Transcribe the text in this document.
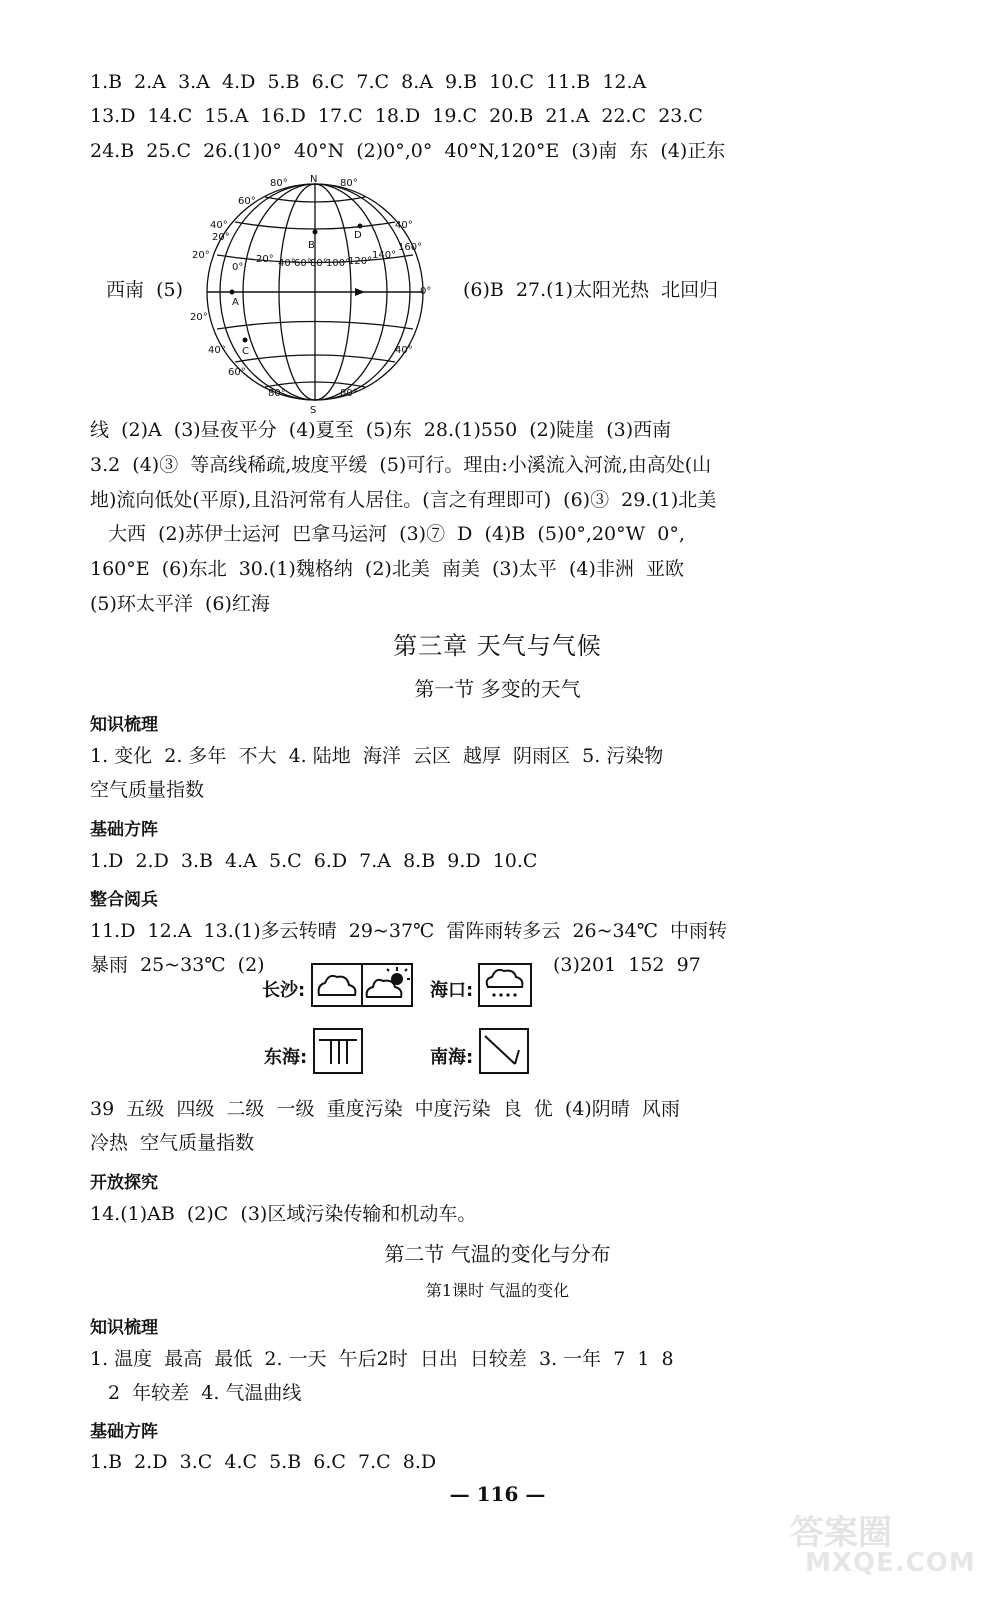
1.B  2.A  3.A  4.D  5.B  6.C  7.C  8.A  9.B  10.C  11.B  12.A
13.D  14.C  15.A  16.D  17.C  18.D  19.C  20.B  21.A  22.C  23.C
24.B  25.C  26.(1)0°  40°N  (2)0°,0°  40°N,120°E  (3)南  东  (4)正东
N
S
80°	80°
60°
40°	40°
20°
20°
0°
20°
40°	40°
60°
80°	80°
0°
20° 40°
60°
80°
100°
120°
140°
160°
B
D
A
C
西南  (5)	(6)B  27.(1)太阳光热  北回归
线  (2)A  (3)昼夜平分  (4)夏至  (5)东  28.(1)550  (2)陡崖  (3)西南
3.2  (4)③  等高线稀疏,坡度平缓  (5)可行。理由:小溪流入河流,由高处(山
地)流向低处(平原),且沿河常有人居住。(言之有理即可)  (6)③  29.(1)北美
大西  (2)苏伊士运河  巴拿马运河  (3)⑦  D  (4)B  (5)0°,20°W  0°,
160°E  (6)东北  30.(1)魏格纳  (2)北美  南美  (3)太平  (4)非洲  亚欧
(5)环太平洋  (6)红海
第三章 天气与气候
第一节 多变的天气
知识梳理
1. 变化  2. 多年  不大  4. 陆地  海洋  云区  越厚  阴雨区  5. 污染物
空气质量指数
基础方阵
1.D  2.D  3.B  4.A  5.C  6.D  7.A  8.B  9.D  10.C
整合阅兵
11.D  12.A  13.(1)多云转晴  29~37℃  雷阵雨转多云  26~34℃  中雨转
暴雨  25~33℃  (2)	(3)201  152  97
长沙:	海口:
东海:	南海:
39  五级  四级  二级  一级  重度污染  中度污染  良  优  (4)阴晴  风雨
冷热  空气质量指数
开放探究
14.(1)AB  (2)C  (3)区域污染传输和机动车。
第二节 气温的变化与分布
第1课时 气温的变化
知识梳理
1. 温度  最高  最低  2. 一天  午后2时  日出  日较差  3. 一年  7  1  8
2  年较差  4. 气温曲线
基础方阵
1.B  2.D  3.C  4.C  5.B  6.C  7.C  8.D
— 116 —
答案圈
MXQE.COM
